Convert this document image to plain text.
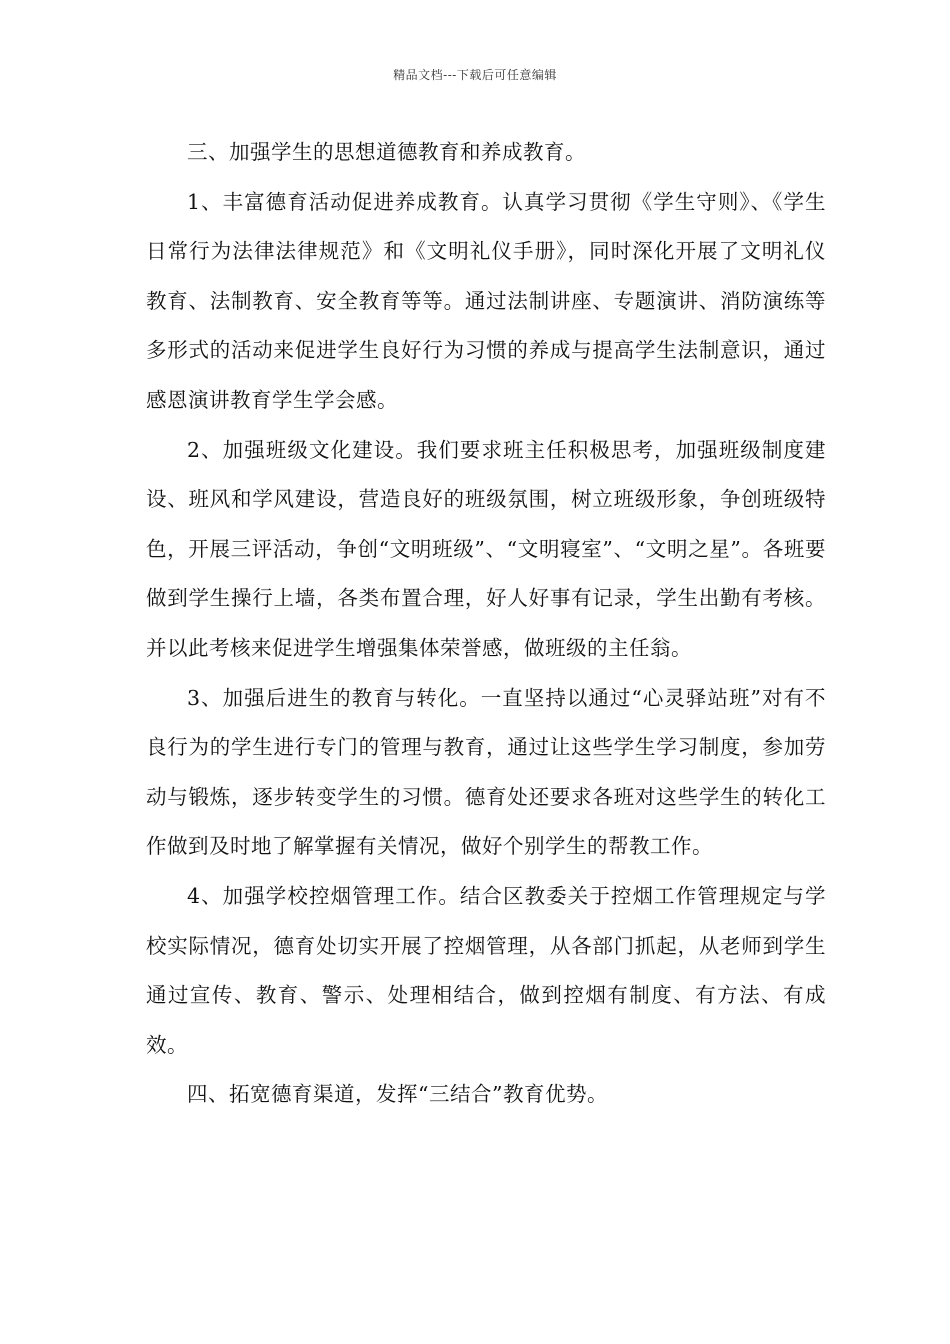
精品文档---下载后可任意编辑

三、加强学生的思想道德教育和养成教育。

1、丰富德育活动促进养成教育。认真学习贯彻《学生守则》、《学生日常行为法律法律规范》和《文明礼仪手册》，同时深化开展了文明礼仪教育、法制教育、安全教育等等。通过法制讲座、专题演讲、消防演练等多形式的活动来促进学生良好行为习惯的养成与提高学生法制意识，通过感恩演讲教育学生学会感。

2、加强班级文化建设。我们要求班主任积极思考，加强班级制度建设、班风和学风建设，营造良好的班级氛围，树立班级形象，争创班级特色，开展三评活动，争创“文明班级”、“文明寝室”、“文明之星”。各班要做到学生操行上墙，各类布置合理，好人好事有记录，学生出勤有考核。并以此考核来促进学生增强集体荣誉感，做班级的主任翁。

3、加强后进生的教育与转化。一直坚持以通过“心灵驿站班”对有不良行为的学生进行专门的管理与教育，通过让这些学生学习制度，参加劳动与锻炼，逐步转变学生的习惯。德育处还要求各班对这些学生的转化工作做到及时地了解掌握有关情况，做好个别学生的帮教工作。

4、加强学校控烟管理工作。结合区教委关于控烟工作管理规定与学校实际情况，德育处切实开展了控烟管理，从各部门抓起，从老师到学生通过宣传、教育、警示、处理相结合，做到控烟有制度、有方法、有成效。

四、拓宽德育渠道，发挥“三结合”教育优势。
